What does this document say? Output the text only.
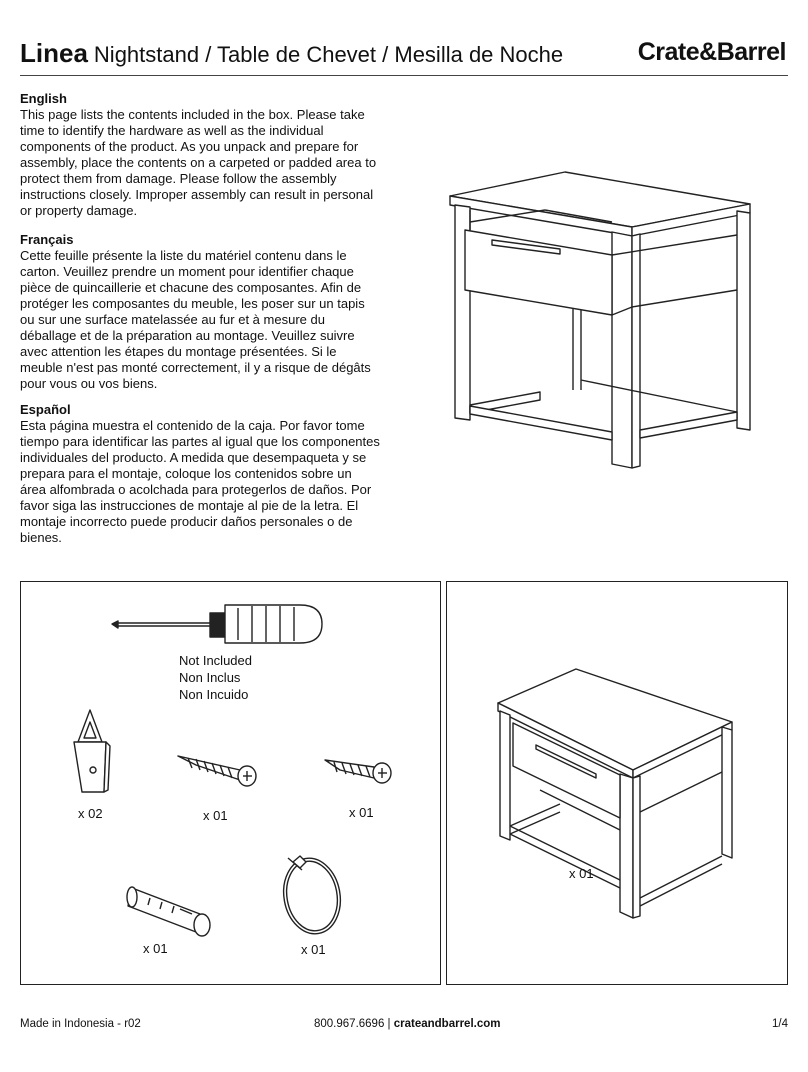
Linea Nightstand / Table de Chevet / Mesilla de Noche	Crate&Barrel
English

This page lists the contents included in the box. Please take time to identify the hardware as well as the individual components of the product. As you unpack and prepare for assembly, place the contents on a carpeted or padded area to protect them from damage. Please follow the assembly instructions closely. Improper assembly can result in personal or property damage.

Français

Cette feuille présente la liste du matériel contenu dans le carton. Veuillez prendre un moment pour identifier chaque pièce de quincaillerie et chacune des composantes. Afin de protéger les composantes du meuble, les poser sur un tapis ou sur une surface matelassée au fur et à mesure du déballage et de la préparation au montage. Veuillez suivre avec attention les étapes du montage présentées. Si le meuble n'est pas monté correctement, il y a risque de dégâts pour vous ou vos biens.

Español

Esta página muestra el contenido de la caja. Por favor tome tiempo para identificar las partes al igual que los componentes individuales del producto. A medida que desempaqueta y se prepara para el montaje, coloque los contenidos sobre un área alfombrada o acolchada para protegerlos de daños. Por favor siga las instrucciones de montaje al pie de la letra. El montaje incorrecto puede producir daños personales o de bienes.

Not Included
Non Inclus
Non Incuido
x 02	x 01	x 01
x 01	x 01
x 01
Made in Indonesia - r02	800.967.6696 | crateandbarrel.com	1/4
